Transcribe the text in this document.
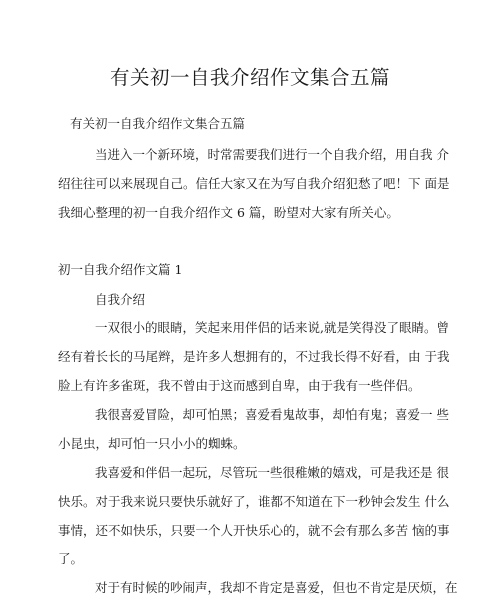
有关初一自我介绍作文集合五篇
有关初一自我介绍作文集合五篇
当进入一个新环境，时常需要我们进行一个自我介绍，用自我 介
绍往往可以来展现自己。信任大家又在为写自我介绍犯愁了吧！下 面是
我细心整理的初一自我介绍作文 6 篇，盼望对大家有所关心。
初一自我介绍作文篇 1
自我介绍
一双很小的眼睛，笑起来用伴侣的话来说,就是笑得没了眼睛。曾
经有着长长的马尾辫，是许多人想拥有的，不过我长得不好看，由 于我
脸上有许多雀斑，我不曾由于这而感到自卑，由于我有一些伴侣。
我很喜爱冒险，却可怕黑；喜爱看鬼故事，却怕有鬼；喜爱一 些
小昆虫，却可怕一只小小的蜘蛛。
我喜爱和伴侣一起玩，尽管玩一些很稚嫩的嬉戏，可是我还是 很
快乐。对于我来说只要快乐就好了，谁都不知道在下一秒钟会发生 什么
事情，还不如快乐，只要一个人开快乐心的，就不会有那么多苦 恼的事
了。
对于有时候的吵闹声，我却不肯定是喜爱，但也不肯定是厌烦，在
